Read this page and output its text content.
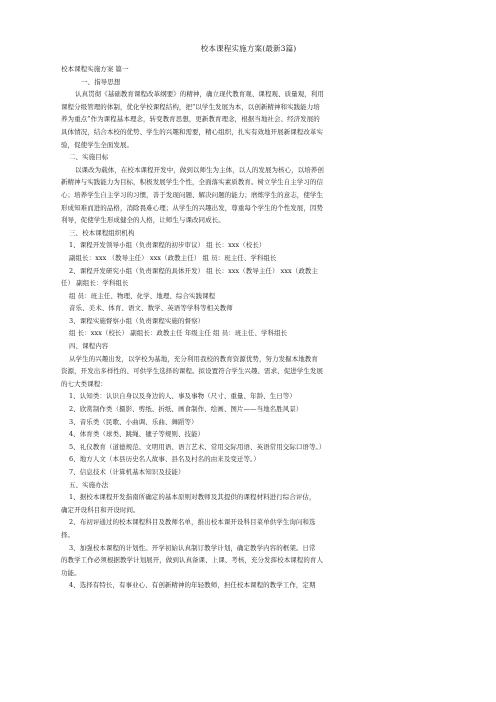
校本课程实施方案(最新3篇)
校本课程实施方案 篇一
一、指导思想
认真贯彻《基础教育课程改革纲要》的精神，确立现代教育观、课程观、质量观，利用
课程分级管理的体制，优化学校课程结构，把“以学生发展为本，以创新精神和实践能力培
养为重点”作为课程基本理念，转变教育思想，更新教育理念，根据当地社会、经济发展的
具体情况，结合本校的优势、学生的兴趣和需要，精心组织，扎实有效地开展新课程改革实
验，促使学生全面发展。
二、实施目标
以课改为载体，在校本课程开发中，做到以师生为主体，以人的发展为核心，以培养创
新精神与实践能力为目标，积极发展学生个性，全面落实素质教育。树立学生自主学习的信
心；培养学生自主学习的习惯，善于发现问题、解决问题的能力；磨炼学生的意志，使学生
形成知难而进的品格，消除畏难心理；从学生的兴趣出发，尊重每个学生的个性发展，因势
利导，促使学生形成健全的人格，让师生与课改同成长。
三、校本课程组织机构
1、课程开发领导小组（负责课程的初步审议） 组 长：xxx（校长）
副组长：xxx （教导主任） xxx（政教主任） 组 员：班主任、学科组长
2、课程开发研究小组（负责课程的具体开发） 组 长：xxx（教导主任） xxx（政教主
任） 副组长：学科组长
组 员：班主任、物理、化学、地理、综合实践课程
音乐、美术、体育、语文、数学、英语等学科等相关教师
3、课程实施督察小组（负责课程实施的督察）
组 长：xxx（校长） 副组长：政教主任 年级主任 组 员：班主任、学科组长
四、课程内容
从学生的兴趣出发，以学校为基地，充分利用我校的教育资源优势，努力发掘本地教育
资源，开发出多样性的、可供学生选择的课程。拟设置符合学生兴趣、需求、促进学生发展
的七大类课程：
1、认知类：认识自身以及身边的人、事及事物（尺寸、重量、年龄、生日等）
2、欣赏制作类（摄影、剪纸、折纸、画食制作、绘画、图片——当地名胜风景）
3、音乐类（民歌、小曲调、乐曲、舞蹈等）
4、体育类（球类、跳绳、毽子等规则、技能）
5、礼仪教育（道德规范、文明用语、语言艺术、常用交际用语、英语常用交际口语等。）
6、地方人文（本县历史名人故事、县名及村名的由来及变迁等。）
7、信息技术（计算机基本知识及技能）
五、实施办法
1、据校本课程开发指南所确定的基本原则对教师及其提供的课程材料进行综合评估，
确定开设科目和开设时间。
2、布初评通过的校本课程科目及教师名单，推出校本课开设科目菜单供学生询问和选
择。
3、加强校本课程的计划性。开学初始认真制订教学计划，确定教学内容的框架。日常
的教学工作必须根据教学计划展开，做到认真备课、上课、考核，充分发挥校本课程的育人
功能。
4、选择有特长，有事业心、有创新精神的年轻教师，担任校本课程的教学工作，定期
